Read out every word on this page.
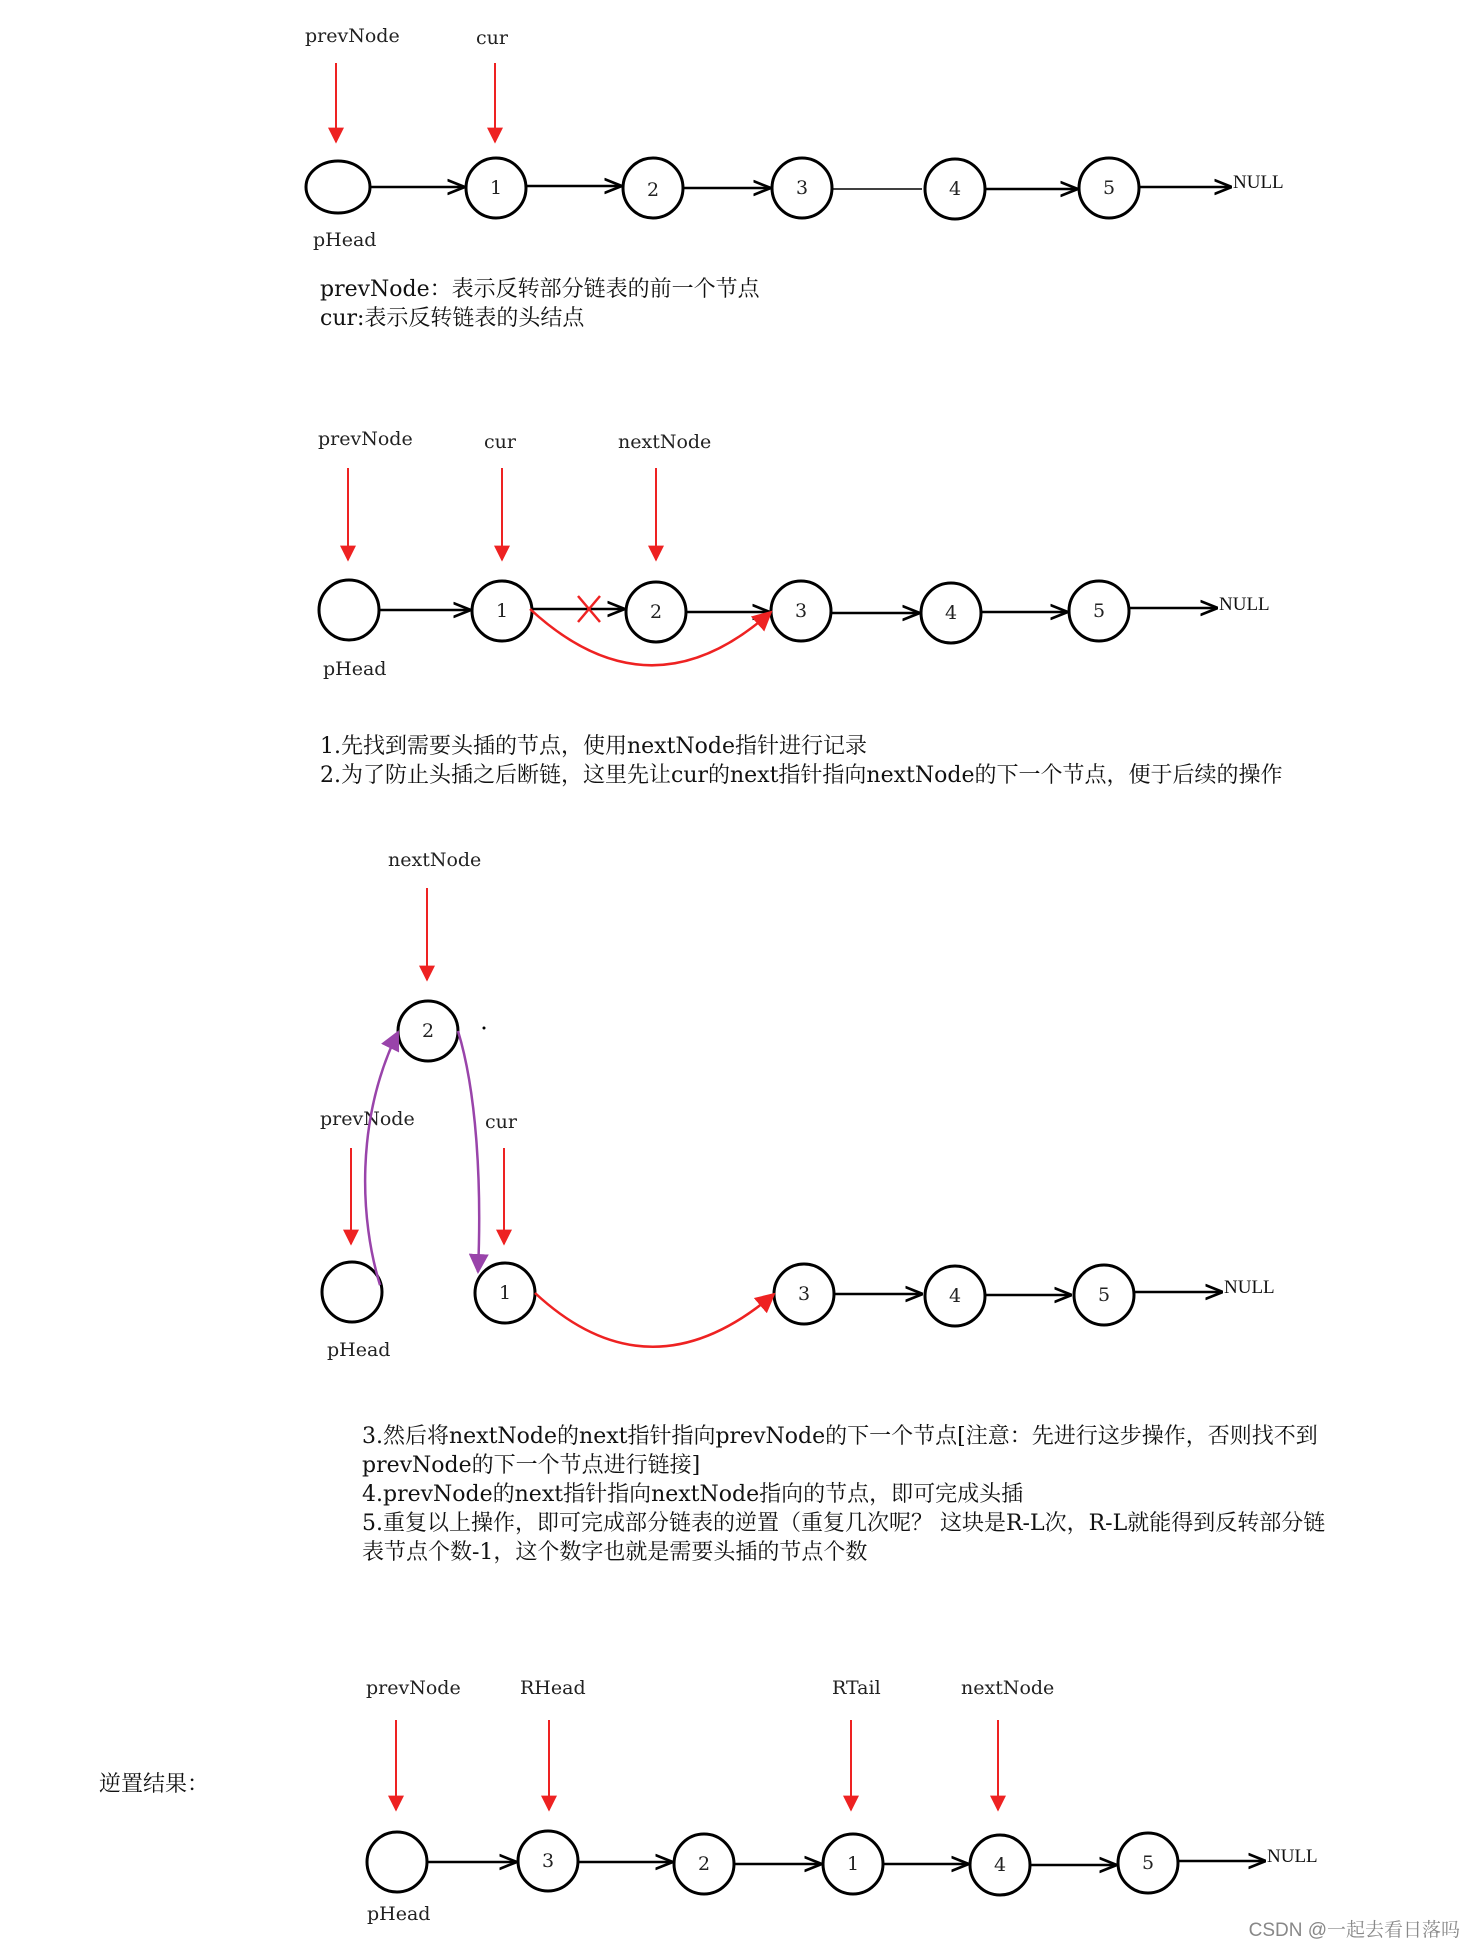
prevNode	cur
1	2	3	4	5	NULL
pHead
prevNode：表示反转部分链表的前一个节点
cur:表示反转链表的头结点
prevNode	cur	nextNode
1	2	3	4	5	NULL
pHead
1.先找到需要头插的节点，使用nextNode指针进行记录
2.为了防止头插之后断链，这里先让cur的next指针指向nextNode的下一个节点，便于后续的操作
nextNode
2
prevNode	cur
1	3	4	5	NULL
pHead
3.然后将nextNode的next指针指向prevNode的下一个节点[注意：先进行这步操作，否则找不到
prevNode的下一个节点进行链接]
4.prevNode的next指针指向nextNode指向的节点，即可完成头插
5.重复以上操作，即可完成部分链表的逆置（重复几次呢？ 这块是R-L次，R-L就能得到反转部分链
表节点个数-1，这个数字也就是需要头插的节点个数
逆置结果：
prevNode	RHead	RTail	nextNode
3	2	1	4	5	NULL
pHead
CSDN @一起去看日落吗
